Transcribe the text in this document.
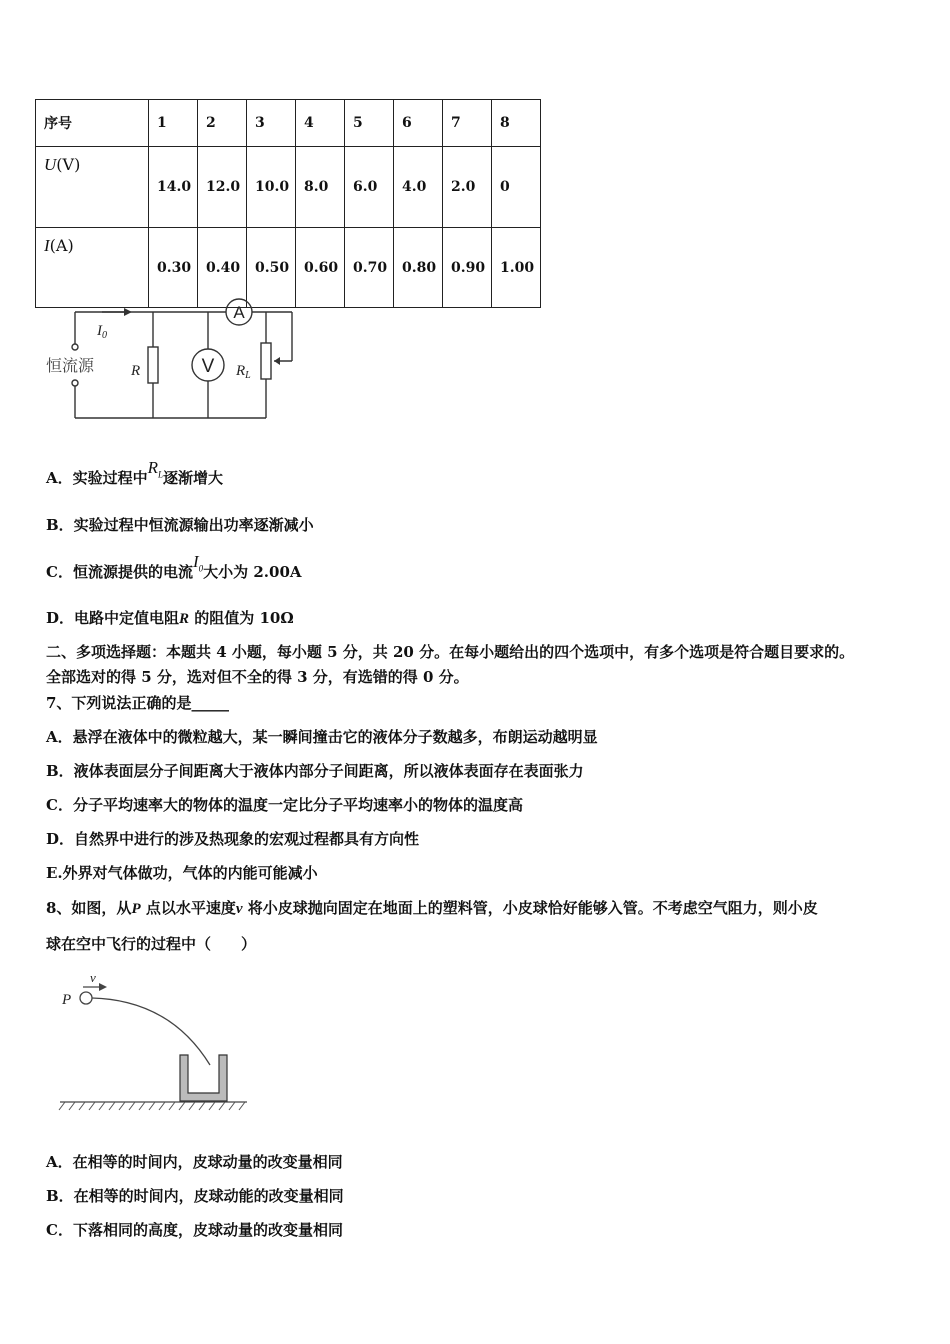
序号	1	2	3	4	5	6	7	8
U(V)	14.0	12.0	10.0	8.0	6.0	4.0	2.0	0
I(A)	0.30	0.40	0.50	0.60	0.70	0.80	0.90	1.00
A
V
$I_0$
恒流源 R	$R_L$
A．实验过程中$R_L$逐渐增大
B．实验过程中恒流源输出功率逐渐减小
C．恒流源提供的电流$I_0$大小为 2.00A
D．电路中定值电阻R 的阻值为 10Ω
二、多项选择题：本题共 4 小题，每小题 5 分，共 20 分。在每小题给出的四个选项中，有多个选项是符合题目要求的。
全部选对的得 5 分，选对但不全的得 3 分，有选错的得 0 分。
7、下列说法正确的是_____
A．悬浮在液体中的微粒越大，某一瞬间撞击它的液体分子数越多，布朗运动越明显
B．液体表面层分子间距离大于液体内部分子间距离，所以液体表面存在表面张力
C．分子平均速率大的物体的温度一定比分子平均速率小的物体的温度高
D．自然界中进行的涉及热现象的宏观过程都具有方向性
E.外界对气体做功，气体的内能可能减小
8、如图，从P 点以水平速度v 将小皮球抛向固定在地面上的塑料管，小皮球恰好能够入管。不考虑空气阻力，则小皮
球在空中飞行的过程中（　　）
v
P
A．在相等的时间内，皮球动量的改变量相同
B．在相等的时间内，皮球动能的改变量相同
C．下落相同的高度，皮球动量的改变量相同
